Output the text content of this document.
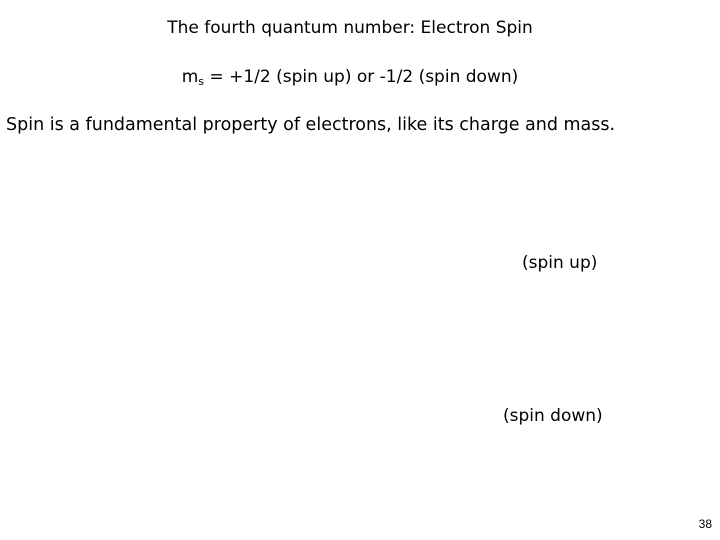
The fourth quantum number: Electron Spin
$m_s = +1/2$ (spin up) or -1/2 (spin down)
Spin is a fundamental property of electrons, like its charge and mass.
(spin up)
(spin down)
38
